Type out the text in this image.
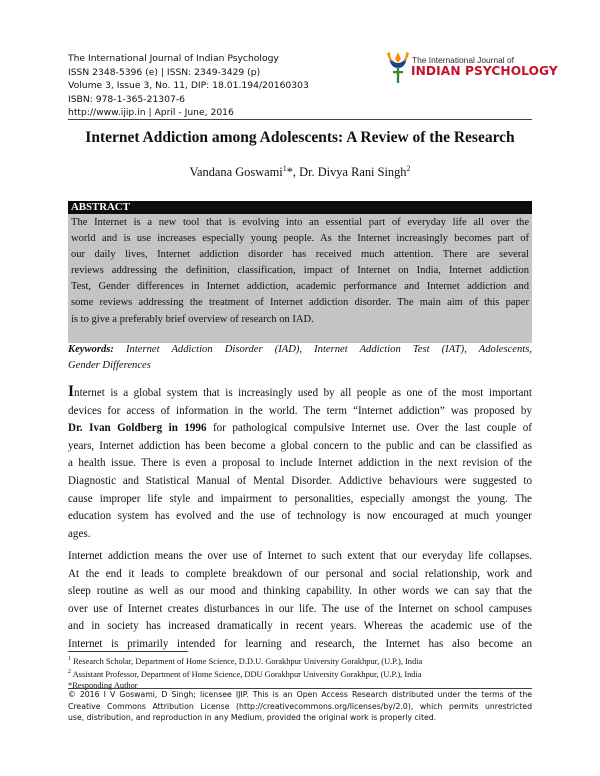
The International Journal of Indian Psychology
ISSN 2348-5396 (e) | ISSN: 2349-3429 (p)
Volume 3, Issue 3, No. 11, DIP: 18.01.194/20160303
ISBN: 978-1-365-21307-6
http://www.ijip.in | April - June, 2016
The International Journal of
INDIAN PSYCHOLOGY
Internet Addiction among Adolescents: A Review of the Research
Vandana Goswami$^1$*, Dr. Divya Rani Singh$^2$
ABSTRACT
The Internet is a new tool that is evolving into an essential part of everyday life all over the
world and is use increases especially young people. As the Internet increasingly becomes part of
our daily lives, Internet addiction disorder has received much attention. There are several
reviews addressing the definition, classification, impact of Internet on India, Internet addiction
Test, Gender differences in Internet addiction, academic performance and Internet addiction and
some reviews addressing the treatment of Internet addiction disorder. The main aim of this paper
is to give a preferably brief overview of research on IAD.
Keywords: Internet Addiction Disorder (IAD), Internet Addiction Test (IAT), Adolescents,
Gender Differences
Internet is a global system that is increasingly used by all people as one of the most important
devices for access of information in the world. The term “Internet addiction” was proposed by
Dr. Ivan Goldberg in 1996 for pathological compulsive Internet use. Over the last couple of
years, Internet addiction has been become a global concern to the public and can be classified as
a health issue. There is even a proposal to include Internet addiction in the next revision of the
Diagnostic and Statistical Manual of Mental Disorder. Addictive behaviours were suggested to
cause improper life style and impairment to personalities, especially amongst the young. The
education system has evolved and the use of technology is now encouraged at much younger
ages.
Internet addiction means the over use of Internet to such extent that our everyday life collapses.
At the end it leads to complete breakdown of our personal and social relationship, work and
sleep routine as well as our mood and thinking capability. In other words we can say that the
over use of Internet creates disturbances in our life. The use of the Internet on school campuses
and in society has increased dramatically in recent years. Whereas the academic use of the
Internet is primarily intended for learning and research, the Internet has also become an
$^1$ Research Scholar, Department of Home Science, D.D.U. Gorakhpur University Gorakhpur, (U.P.), India
$^2$ Assistant Professor, Department of Home Science, DDU Gorakhpur University Gorakhpur, (U.P.), India
*Responding Author
© 2016 I V Goswami, D Singh; licensee IJIP. This is an Open Access Research distributed under the terms of the
Creative Commons Attribution License (http://creativecommons.org/licenses/by/2.0), which permits unrestricted
use, distribution, and reproduction in any Medium, provided the original work is properly cited.
